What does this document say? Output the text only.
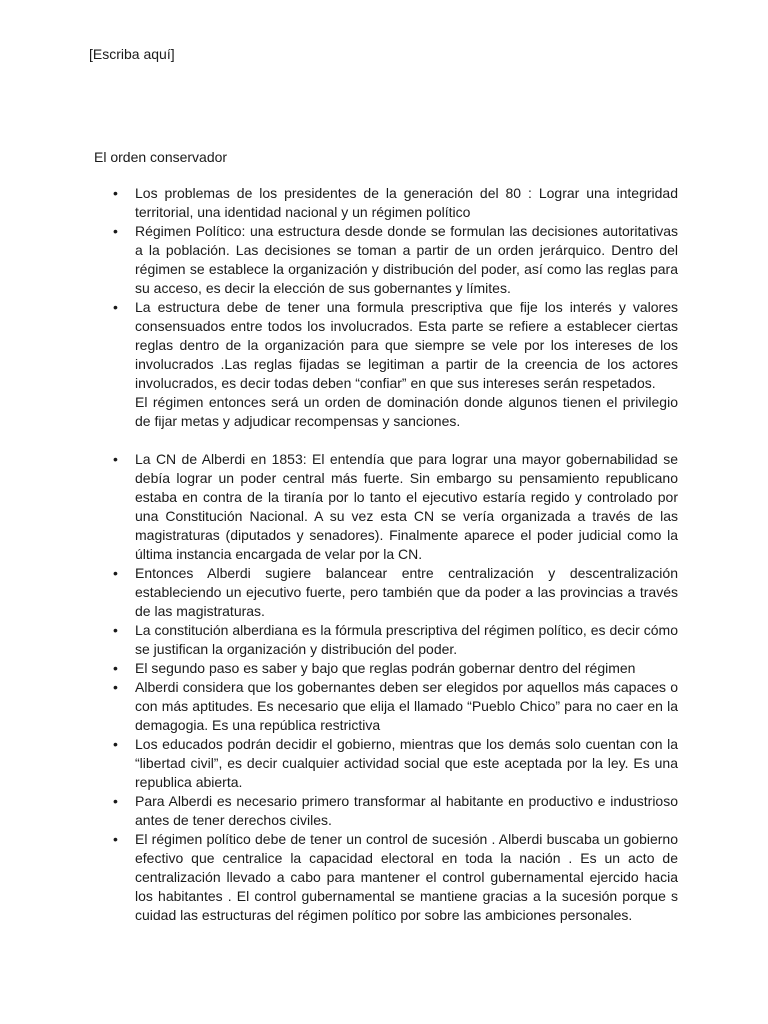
[Escriba aquí]
El orden conservador
• Los problemas de los presidentes de la generación del 80 : Lograr una integridad territorial, una identidad nacional y un régimen político
• Régimen Político: una estructura desde donde se formulan las decisiones autoritativas a la población. Las decisiones se toman a partir de un orden jerárquico. Dentro del régimen se establece la organización y distribución del poder, así como las reglas para su acceso, es decir la elección de sus gobernantes y límites.
• La estructura debe de tener una formula prescriptiva que fije los interés y valores consensuados entre todos los involucrados. Esta parte se refiere a establecer ciertas reglas dentro de la organización para que siempre se vele por los intereses de los involucrados .Las reglas fijadas se legitiman a partir de la creencia de los actores involucrados, es decir todas deben “confiar” en que sus intereses serán respetados.
El régimen entonces será un orden de dominación donde algunos tienen el privilegio de fijar metas y adjudicar recompensas y sanciones.
• La CN de Alberdi en 1853: El entendía que para lograr una mayor gobernabilidad se debía lograr un poder central más fuerte. Sin embargo su pensamiento republicano estaba en contra de la tiranía por lo tanto el ejecutivo estaría regido y controlado por una Constitución Nacional. A su vez esta CN se vería organizada a través de las magistraturas (diputados y senadores). Finalmente aparece el poder judicial como la última instancia encargada de velar por la CN.
• Entonces Alberdi sugiere balancear entre centralización y descentralización estableciendo un ejecutivo fuerte, pero también que da poder a las provincias a través de las magistraturas.
• La constitución alberdiana es la fórmula prescriptiva del régimen político, es decir cómo se justifican la organización y distribución del poder.
• El segundo paso es saber y bajo que reglas podrán gobernar dentro del régimen
• Alberdi considera que los gobernantes deben ser elegidos por aquellos más capaces o con más aptitudes. Es necesario que elija el llamado “Pueblo Chico” para no caer en la demagogia. Es una república restrictiva
• Los educados podrán decidir el gobierno, mientras que los demás solo cuentan con la “libertad civil”, es decir cualquier actividad social que este aceptada por la ley. Es una republica abierta.
• Para Alberdi es necesario primero transformar al habitante en productivo e industrioso antes de tener derechos civiles.
• El régimen político debe de tener un control de sucesión . Alberdi buscaba un gobierno efectivo que centralice la capacidad electoral en toda la nación . Es un acto de centralización llevado a cabo para mantener el control gubernamental ejercido hacia los habitantes . El control gubernamental se mantiene gracias a la sucesión porque s cuidad las estructuras del régimen político por sobre las ambiciones personales.
